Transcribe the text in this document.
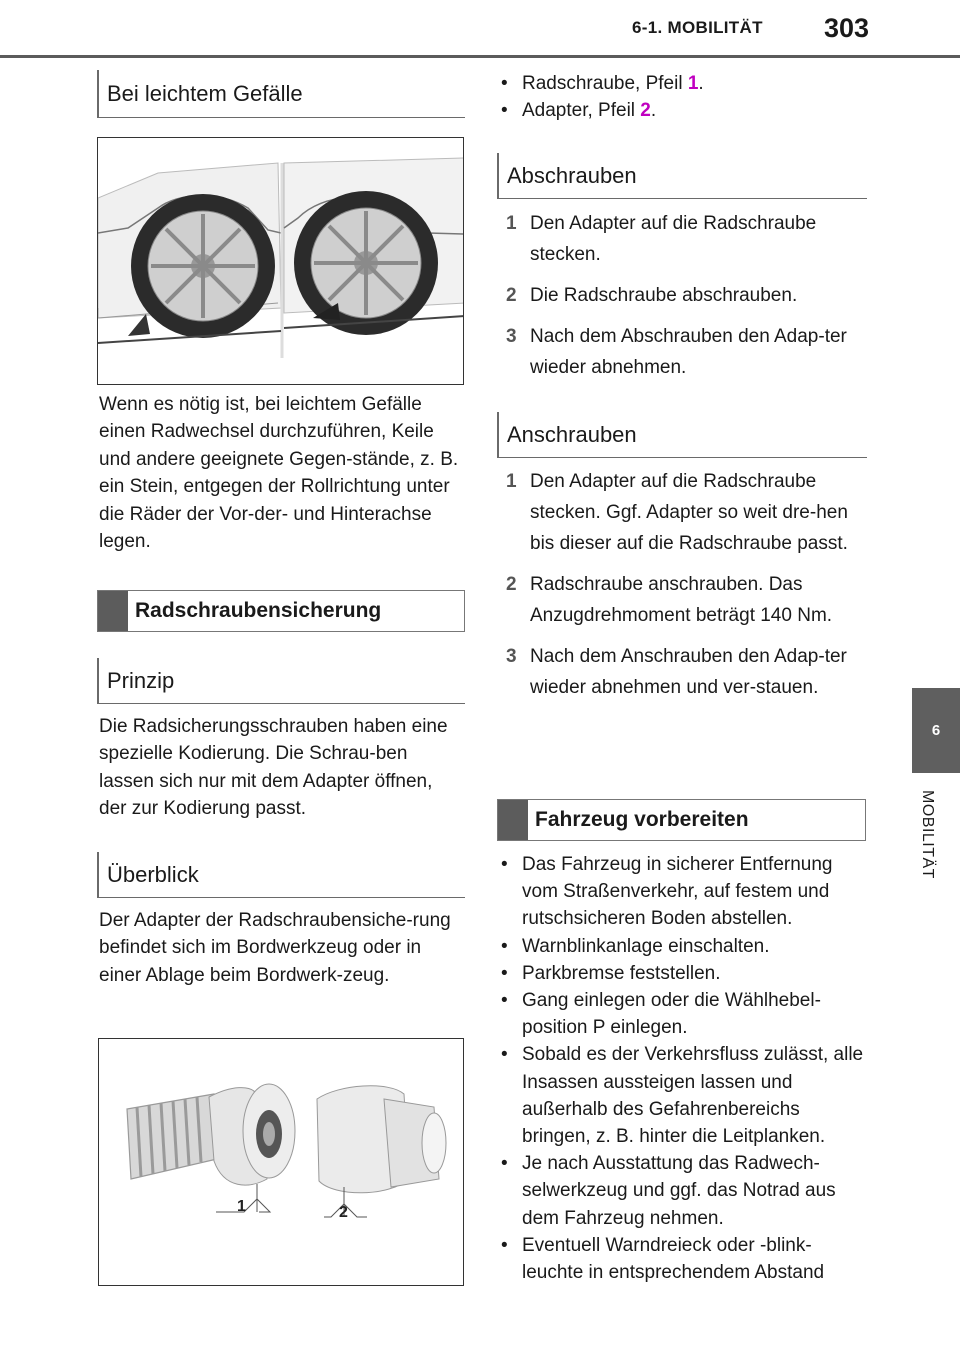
6-1. MOBILITÄT 303
6
MOBILITÄT
Bei leichtem Gefälle

Wenn es nötig ist, bei leichtem Gefälle einen Radwechsel durchzuführen, Keile und andere geeignete Gegen-stände, z. B. ein Stein, entgegen der Rollrichtung unter die Räder der Vor-der- und Hinterachse legen.

Radschraubensicherung
Prinzip

Die Radsicherungsschrauben haben eine spezielle Kodierung. Die Schrau-ben lassen sich nur mit dem Adapter öffnen, der zur Kodierung passt.

Überblick

Der Adapter der Radschraubensiche-rung befindet sich im Bordwerkzeug oder in einer Ablage beim Bordwerk-zeug.

1	2
• Radschraube, Pfeil 1.
• Adapter, Pfeil 2.
Abschrauben
1 Den Adapter auf die Radschraube stecken.
2 Die Radschraube abschrauben.
3 Nach dem Abschrauben den Adap-ter wieder abnehmen.
Anschrauben
1 Den Adapter auf die Radschraube stecken. Ggf. Adapter so weit dre-hen bis dieser auf die Radschraube passt.
2 Radschraube anschrauben. Das Anzugdrehmoment beträgt 140 Nm.
3 Nach dem Anschrauben den Adap-ter wieder abnehmen und ver-stauen.
Fahrzeug vorbereiten
• Das Fahrzeug in sicherer Entfernung vom Straßenverkehr, auf festem und rutschsicheren Boden abstellen.
• Warnblinkanlage einschalten.
• Parkbremse feststellen.
• Gang einlegen oder die Wählhebel-position P einlegen.
• Sobald es der Verkehrsfluss zulässt, alle Insassen aussteigen lassen und außerhalb des Gefahrenbereichs bringen, z. B. hinter die Leitplanken.
• Je nach Ausstattung das Radwech-selwerkzeug und ggf. das Notrad aus dem Fahrzeug nehmen.
• Eventuell Warndreieck oder -blink-leuchte in entsprechendem Abstand
